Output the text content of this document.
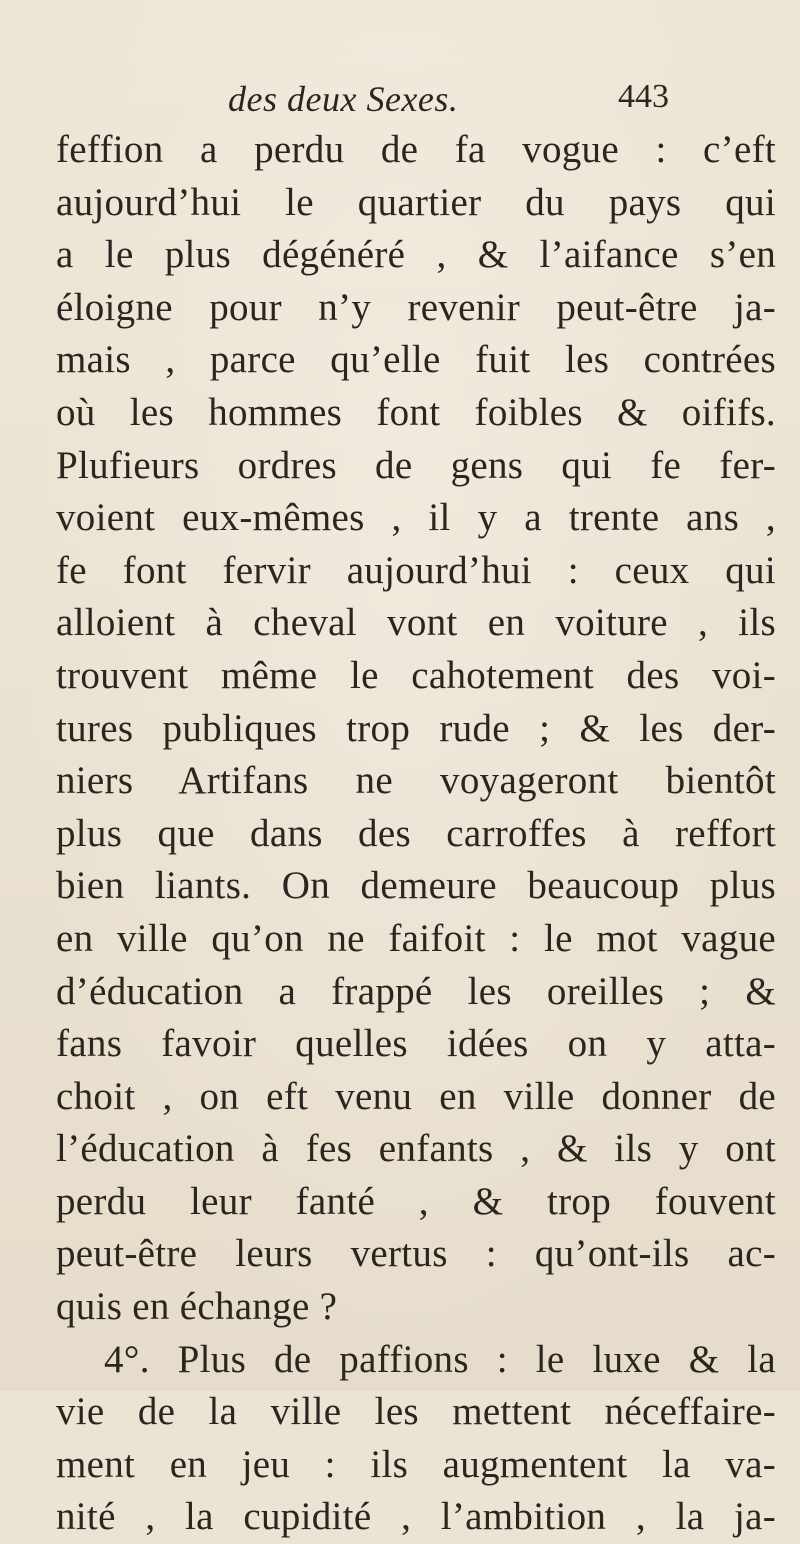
des deux Sexes.	443
feffion a perdu de fa vogue : c’eft
aujourd’hui le quartier du pays qui
a le plus dégénéré , & l’aifance s’en
éloigne pour n’y revenir peut-être ja-
mais , parce qu’elle fuit les contrées
où les hommes font foibles & oififs.
Plufieurs ordres de gens qui fe fer-
voient eux-mêmes , il y a trente ans ,
fe font fervir aujourd’hui : ceux qui
alloient à cheval vont en voiture , ils
trouvent même le cahotement des voi-
tures publiques trop rude ; & les der-
niers Artifans ne voyageront bientôt
plus que dans des carroffes à reffort
bien liants. On demeure beaucoup plus
en ville qu’on ne faifoit : le mot vague
d’éducation a frappé les oreilles ; &
fans favoir quelles idées on y atta-
choit , on eft venu en ville donner de
l’éducation à fes enfants , & ils y ont
perdu leur fanté , & trop fouvent
peut-être leurs vertus : qu’ont-ils ac-
quis en échange ?
4°. Plus de paffions : le luxe & la
vie de la ville les mettent néceffaire-
ment en jeu : ils augmentent la va-
nité , la cupidité , l’ambition , la ja-
